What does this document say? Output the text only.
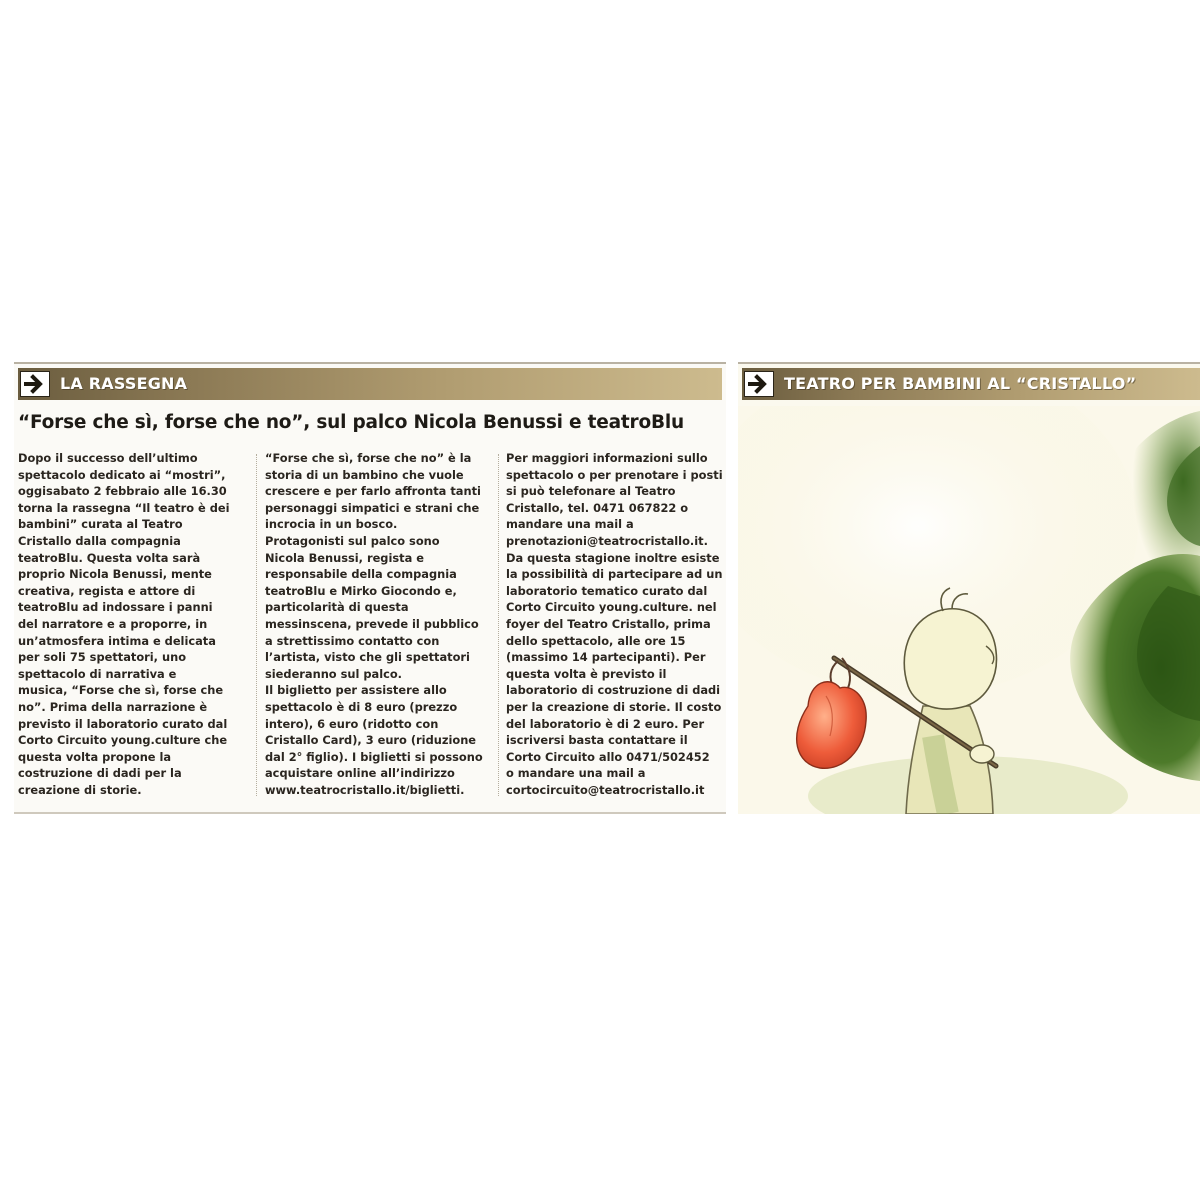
LA RASSEGNA
“Forse che sì, forse che no”, sul palco Nicola Benussi e teatroBlu
Dopo il successo dell’ultimo
spettacolo dedicato ai “mostri”,
oggisabato 2 febbraio alle 16.30
torna la rassegna “Il teatro è dei
bambini” curata al Teatro
Cristallo dalla compagnia
teatroBlu. Questa volta sarà
proprio Nicola Benussi, mente
creativa, regista e attore di
teatroBlu ad indossare i panni
del narratore e a proporre, in
un’atmosfera intima e delicata
per soli 75 spettatori, uno
spettacolo di narrativa e
musica, “Forse che sì, forse che
no”. Prima della narrazione è
previsto il laboratorio curato dal
Corto Circuito young.culture che
questa volta propone la
costruzione di dadi per la
creazione di storie.
“Forse che sì, forse che no” è la
storia di un bambino che vuole
crescere e per farlo affronta tanti
personaggi simpatici e strani che
incrocia in un bosco.
Protagonisti sul palco sono
Nicola Benussi, regista e
responsabile della compagnia
teatroBlu e Mirko Giocondo e,
particolarità di questa
messinscena, prevede il pubblico
a strettissimo contatto con
l’artista, visto che gli spettatori
siederanno sul palco.
Il biglietto per assistere allo
spettacolo è di 8 euro (prezzo
intero), 6 euro (ridotto con
Cristallo Card), 3 euro (riduzione
dal 2° figlio). I biglietti si possono
acquistare online all’indirizzo
www.teatrocristallo.it/biglietti.
Per maggiori informazioni sullo
spettacolo o per prenotare i posti
si può telefonare al Teatro
Cristallo, tel. 0471 067822 o
mandare una mail a
prenotazioni@teatrocristallo.it.
Da questa stagione inoltre esiste
la possibilità di partecipare ad un
laboratorio tematico curato dal
Corto Circuito young.culture. nel
foyer del Teatro Cristallo, prima
dello spettacolo, alle ore 15
(massimo 14 partecipanti). Per
questa volta è previsto il
laboratorio di costruzione di dadi
per la creazione di storie. Il costo
del laboratorio è di 2 euro. Per
iscriversi basta contattare il
Corto Circuito allo 0471/502452
o mandare una mail a
cortocircuito@teatrocristallo.it
TEATRO PER BAMBINI AL “CRISTALLO”
